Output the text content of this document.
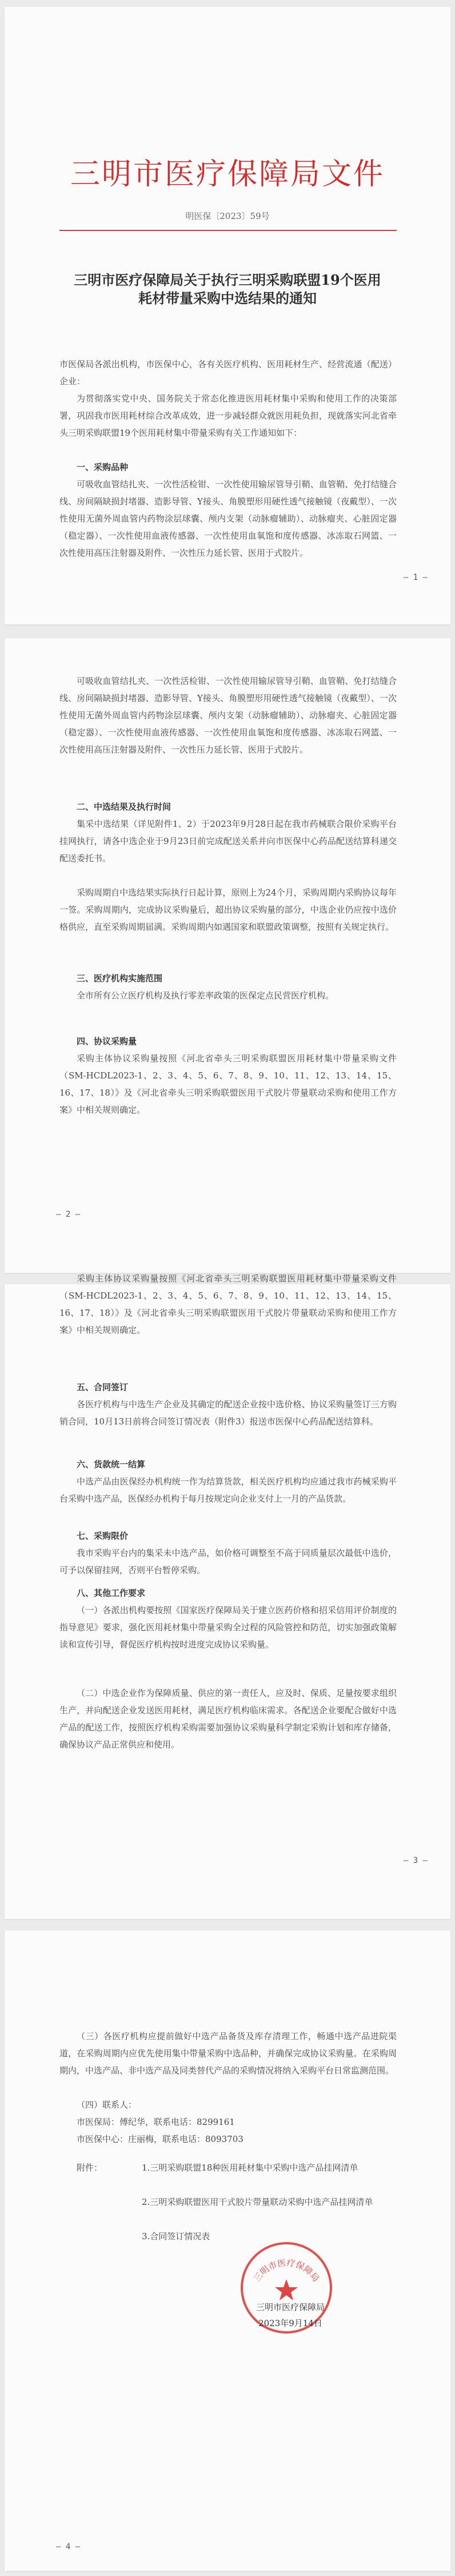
三明市医疗保障局文件
明医保〔2023〕59号
三明市医疗保障局关于执行三明采购联盟19个医用耗材带量采购中选结果的通知
市医保局各派出机构，市医保中心，各有关医疗机构、医用耗材生产、经营流通（配送）企业：
为贯彻落实党中央、国务院关于常态化推进医用耗材集中采购和使用工作的决策部署，巩固我市医用耗材综合改革成效，进一步减轻群众就医用耗负担，现就落实河北省牵头三明采购联盟19个医用耗材集中带量采购有关工作通知如下：
一、采购品种
可吸收血管结扎夹、一次性活检钳、一次性使用输尿管导引鞘、血管鞘、免打结缝合线、房间隔缺损封堵器、造影导管、Y接头、角膜塑形用硬性透气接触镜（夜戴型）、一次性使用无菌外周血管内药物涂层球囊、颅内支架（动脉瘤辅助）、动脉瘤夹、心脏固定器（稳定器）、一次性使用血液传感器、一次性使用血氧饱和度传感器、冰冻取石网篮、一次性使用高压注射器及附件、一次性压力延长管、医用于式胶片。
— 1 —
可吸收血管结扎夹、一次性活检钳、一次性使用输尿管导引鞘、血管鞘、免打结缝合线、房间隔缺损封堵器、造影导管、Y接头、角膜塑形用硬性透气接触镜（夜戴型）、一次性使用无菌外周血管内药物涂层球囊、颅内支架（动脉瘤辅助）、动脉瘤夹、心脏固定器（稳定器）、一次性使用血液传感器、一次性使用血氧饱和度传感器、冰冻取石网篮、一次性使用高压注射器及附件、一次性压力延长管、医用于式胶片。
二、中选结果及执行时间
集采中选结果（详见附件1、2）于2023年9月28日起在我市药械联合限价采购平台挂网执行，请各中选企业于9月23日前完成配送关系并向市医保中心药品配送结算科递交配送委托书。
采购周期自中选结果实际执行日起计算，原则上为24个月，采购周期内采购协议每年一签。采购周期内，完成协议采购量后，超出协议采购量的部分，中选企业仍应按中选价格供应，直至采购周期届满。采购周期内如遇国家和联盟政策调整，按照有关规定执行。
三、医疗机构实施范围
全市所有公立医疗机构及执行零差率政策的医保定点民营医疗机构。
四、协议采购量
采购主体协议采购量按照《河北省牵头三明采购联盟医用耗材集中带量采购文件（SM-HCDL2023-1、2、3、4、5、6、7、8、9、10、11、12、13、14、15、16、17、18）》及《河北省牵头三明采购联盟医用干式胶片带量联动采购和使用工作方案》中相关规则确定。
— 2 —
采购主体协议采购量按照《河北省牵头三明采购联盟医用耗材集中带量采购文件（SM-HCDL2023-1、2、3、4、5、6、7、8、9、10、11、12、13、14、15、16、17、18）》及《河北省牵头三明采购联盟医用干式胶片带量联动采购和使用工作方案》中相关规则确定。
五、合同签订
各医疗机构与中选生产企业及其确定的配送企业按中选价格、协议采购量签订三方购销合同，10月13日前将合同签订情况表（附件3）报送市医保中心药品配送结算科。
六、货款统一结算
中选产品由医保经办机构统一作为结算货款，相关医疗机构均应通过我市药械采购平台采购中选产品，医保经办机构于每月按规定向企业支付上一月的产品货款。
七、采购限价
我市采购平台内的集采未中选产品，如价格可调整至不高于同质量层次最低中选价，可予以保留挂网，否则平台暂停采购。
八、其他工作要求
（一）各派出机构要按照《国家医疗保障局关于建立医药价格和招采信用评价制度的指导意见》要求，强化医用耗材集中带量采购全过程的风险管控和防范，切实加强政策解读和宣传引导，督促医疗机构按时进度完成协议采购量。
（二）中选企业作为保障质量、供应的第一责任人，应及时、保质、足量按要求组织生产，并向配送企业发送医用耗材，满足医疗机构临床需求。各配送企业要配合做好中选产品的配送工作，按照医疗机构采购需要加强协议采购量科学制定采购计划和库存储备，确保协议产品正常供应和使用。
— 3 —
（三）各医疗机构应提前做好中选产品备货及库存清理工作，畅通中选产品进院渠道，在采购周期内应优先使用集中带量采购中选品种，并确保完成协议采购量。在采购周期内，中选产品、非中选产品及同类替代产品的采购情况将纳入采购平台日常监测范围。
（四）联系人：
市医保局：傅纪华，联系电话：8299161
市医保中心：庄丽梅，联系电话：8093703
附件：	1.三明采购联盟18种医用耗材集中采购中选产品挂网清单
2.三明采购联盟医用干式胶片带量联动采购中选产品挂网清单
3.合同签订情况表
三明市医疗保障局
三明市医疗保障局
2023年9月14日
— 4 —
